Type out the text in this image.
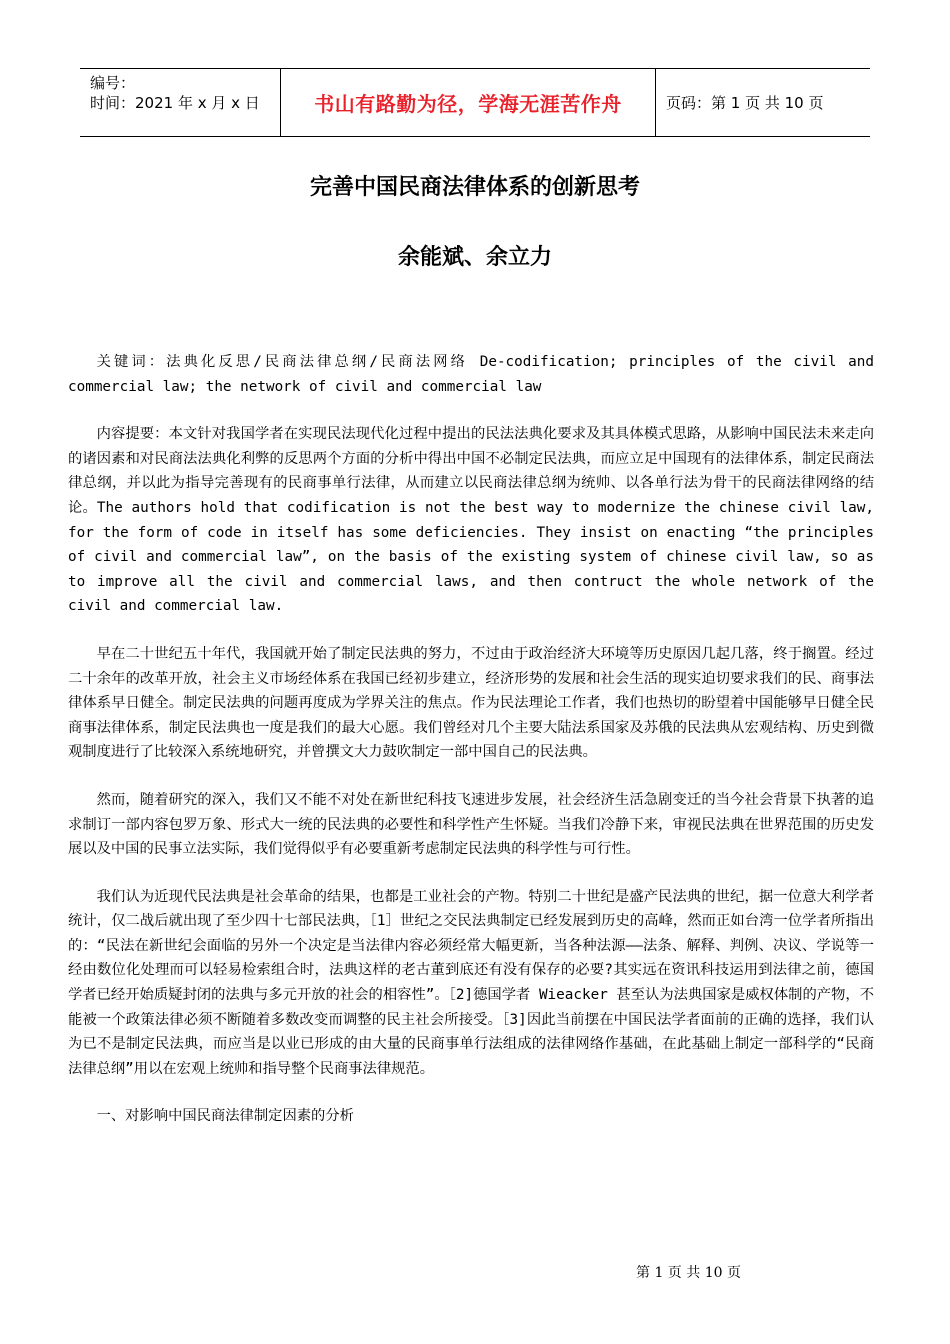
编号：
时间：2021 年 x 月 x 日	书山有路勤为径，学海无涯苦作舟	页码：第 1 页 共 10 页
完善中国民商法律体系的创新思考
余能斌、余立力

关键词：法典化反思/民商法律总纲/民商法网络 De-codification; principles of the civil and commercial law; the network of civil and commercial law

内容提要：本文针对我国学者在实现民法现代化过程中提出的民法法典化要求及其具体模式思路，从影响中国民法未来走向的诸因素和对民商法法典化利弊的反思两个方面的分析中得出中国不必制定民法典，而应立足中国现有的法律体系，制定民商法律总纲，并以此为指导完善现有的民商事单行法律，从而建立以民商法律总纲为统帅、以各单行法为骨干的民商法律网络的结论。The authors hold that codification is not the best way to modernize the chinese civil law, for the form of code in itself has some deficiencies. They insist on enacting “the principles of civil and commercial law”, on the basis of the existing system of chinese civil law, so as to improve all the civil and commercial laws, and then contruct the whole network of the civil and commercial law.

早在二十世纪五十年代，我国就开始了制定民法典的努力，不过由于政治经济大环境等历史原因几起几落，终于搁置。经过二十余年的改革开放，社会主义市场经体系在我国已经初步建立，经济形势的发展和社会生活的现实迫切要求我们的民、商事法律体系早日健全。制定民法典的问题再度成为学界关注的焦点。作为民法理论工作者，我们也热切的盼望着中国能够早日健全民商事法律体系，制定民法典也一度是我们的最大心愿。我们曾经对几个主要大陆法系国家及苏俄的民法典从宏观结构、历史到微观制度进行了比较深入系统地研究，并曾撰文大力鼓吹制定一部中国自己的民法典。

然而，随着研究的深入，我们又不能不对处在新世纪科技飞速进步发展，社会经济生活急剧变迁的当今社会背景下执著的追求制订一部内容包罗万象、形式大一统的民法典的必要性和科学性产生怀疑。当我们冷静下来，审视民法典在世界范围的历史发展以及中国的民事立法实际，我们觉得似乎有必要重新考虑制定民法典的科学性与可行性。

我们认为近现代民法典是社会革命的结果，也都是工业社会的产物。特别二十世纪是盛产民法典的世纪，据一位意大利学者统计，仅二战后就出现了至少四十七部民法典，［1］世纪之交民法典制定已经发展到历史的高峰，然而正如台湾一位学者所指出的：“民法在新世纪会面临的另外一个决定是当法律内容必须经常大幅更新，当各种法源——法条、解释、判例、决议、学说等一经由数位化处理而可以轻易检索组合时，法典这样的老古董到底还有没有保存的必要?其实远在资讯科技运用到法律之前，德国学者已经开始质疑封闭的法典与多元开放的社会的相容性”。［2]德国学者 Wieacker 甚至认为法典国家是威权体制的产物，不能被一个政策法律必须不断随着多数改变而调整的民主社会所接受。［3]因此当前摆在中国民法学者面前的正确的选择，我们认为已不是制定民法典，而应当是以业已形成的由大量的民商事单行法组成的法律网络作基础，在此基础上制定一部科学的“民商法律总纲”用以在宏观上统帅和指导整个民商事法律规范。

一、对影响中国民商法律制定因素的分析

第 1 页 共 10 页
